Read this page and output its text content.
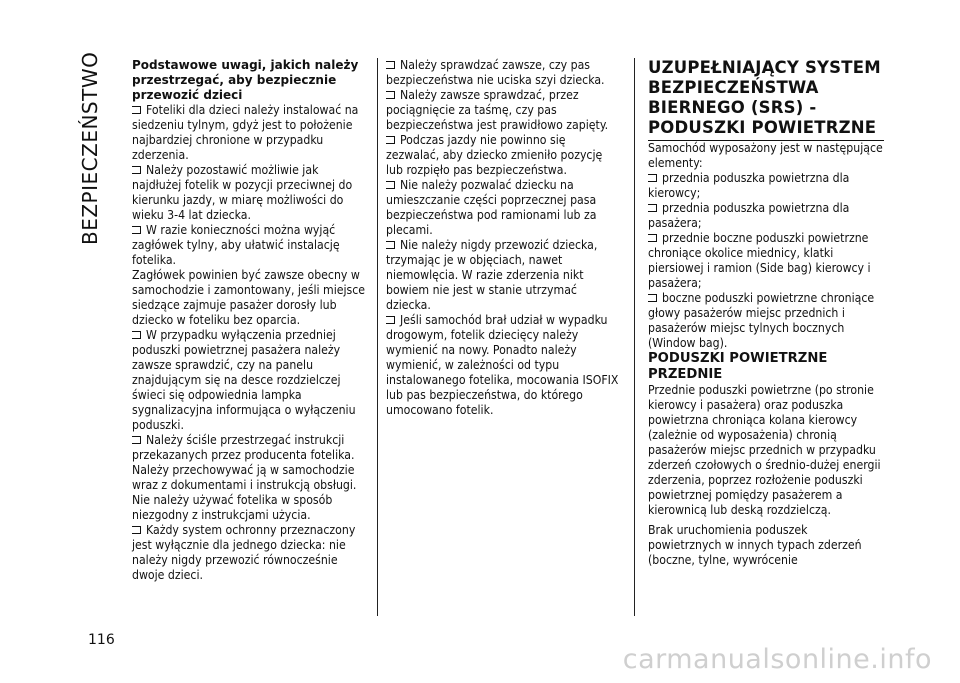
BEZPIECZEŃSTWO
116

Podstawowe uwagi, jakich należy przestrzegać, aby bezpiecznie przewozić dzieci

Foteliki dla dzieci należy instalować na siedzeniu tylnym, gdyż jest to położenie najbardziej chronione w przypadku zderzenia.

Należy pozostawić możliwie jak najdłużej fotelik w pozycji przeciwnej do kierunku jazdy, w miarę możliwości do wieku 3-4 lat dziecka.

W razie konieczności można wyjąć zagłówek tylny, aby ułatwić instalację fotelika.

Zagłówek powinien być zawsze obecny w samochodzie i zamontowany, jeśli miejsce siedzące zajmuje pasażer dorosły lub dziecko w foteliku bez oparcia.

W przypadku wyłączenia przedniej poduszki powietrznej pasażera należy zawsze sprawdzić, czy na panelu znajdującym się na desce rozdzielczej świeci się odpowiednia lampka sygnalizacyjna informująca o wyłączeniu poduszki.

Należy ściśle przestrzegać instrukcji przekazanych przez producenta fotelika. Należy przechowywać ją w samochodzie wraz z dokumentami i instrukcją obsługi. Nie należy używać fotelika w sposób niezgodny z instrukcjami użycia.

Każdy system ochronny przeznaczony jest wyłącznie dla jednego dziecka: nie należy nigdy przewozić równocześnie dwoje dzieci.

Należy sprawdzać zawsze, czy pas bezpieczeństwa nie uciska szyi dziecka.

Należy zawsze sprawdzać, przez pociągnięcie za taśmę, czy pas bezpieczeństwa jest prawidłowo zapięty.

Podczas jazdy nie powinno się zezwalać, aby dziecko zmieniło pozycję lub rozpięło pas bezpieczeństwa.

Nie należy pozwalać dziecku na umieszczanie części poprzecznej pasa bezpieczeństwa pod ramionami lub za plecami.

Nie należy nigdy przewozić dziecka, trzymając je w objęciach, nawet niemowlęcia. W razie zderzenia nikt bowiem nie jest w stanie utrzymać dziecka.

Jeśli samochód brał udział w wypadku drogowym, fotelik dziecięcy należy wymienić na nowy. Ponadto należy wymienić, w zależności od typu instalowanego fotelika, mocowania ISOFIX lub pas bezpieczeństwa, do którego umocowano fotelik.

UZUPEŁNIAJĄCY SYSTEM BEZPIECZEŃSTWA BIERNEGO (SRS) - PODUSZKI POWIETRZNE

Samochód wyposażony jest w następujące elementy:

przednia poduszka powietrzna dla kierowcy;

przednia poduszka powietrzna dla pasażera;

przednie boczne poduszki powietrzne chroniące okolice miednicy, klatki piersiowej i ramion (Side bag) kierowcy i pasażera;

boczne poduszki powietrzne chroniące głowy pasażerów miejsc przednich i pasażerów miejsc tylnych bocznych (Window bag).

PODUSZKI POWIETRZNE PRZEDNIE

Przednie poduszki powietrzne (po stronie kierowcy i pasażera) oraz poduszka powietrzna chroniąca kolana kierowcy (zależnie od wyposażenia) chronią pasażerów miejsc przednich w przypadku zderzeń czołowych o średnio-dużej energii zderzenia, poprzez rozłożenie poduszki powietrznej pomiędzy pasażerem a kierownicą lub deską rozdzielczą.

Brak uruchomienia poduszek powietrznych w innych typach zderzeń (boczne, tylne, wywrócenie

carmanualsonline.info
